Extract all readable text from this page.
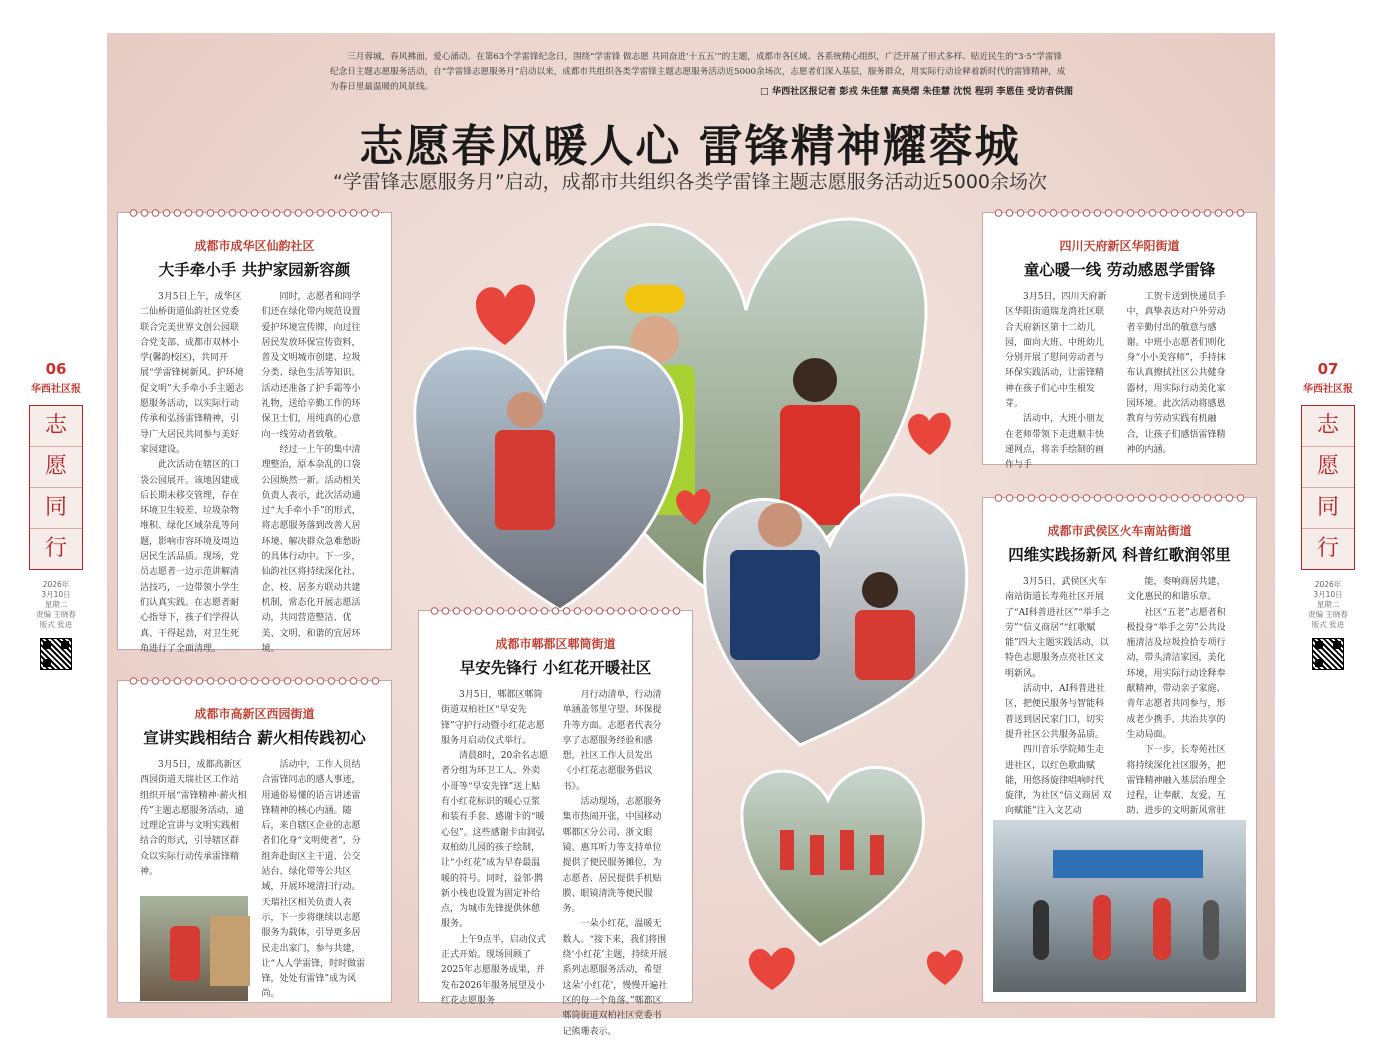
06
华西社区报
志
愿
同
行
2026年
3月10日
星期二
责编 王晓春
版式 张进
07
华西社区报
志
愿
同
行
2026年
3月10日
星期二
责编 王晓春
版式 张进
三月蓉城，春风拂面，爱心涌动。在第63个学雷锋纪念日，围绕“学雷锋 做志愿 共同奋进‘十五五’”的主题，成都市各区域、各系统精心组织，广泛开展了形式多样、贴近民生的“3·5”学雷锋纪念日主题志愿服务活动，自“学雷锋志愿服务月”启动以来，成都市共组织各类学雷锋主题志愿服务活动近5000余场次，志愿者们深入基层，服务群众，用实际行动诠释着新时代的雷锋精神，成为春日里最温暖的风景线。	□ 华西社区报记者 彭戎 朱佳慧 高昊熠 朱佳慧 沈悦 程玥 李恩佳 受访者供图
志愿春风暖人心 雷锋精神耀蓉城
“学雷锋志愿服务月”启动，成都市共组织各类学雷锋主题志愿服务活动近5000余场次
成都市成华区仙韵社区
大手牵小手 共护家园新容颜

3月5日上午，成华区二仙桥街道仙韵社区党委联合完美世界文创公园联合党支部、成都市双林小学(馨韵校区)，共同开展“学雷锋树新风、护环境促文明”大手牵小手主题志愿服务活动，以实际行动传承和弘扬雷锋精神，引导广大居民共同参与美好家园建设。

此次活动在辖区的口袋公园展开。该地因建成后长期未移交管理，存在环境卫生较差、垃圾杂物堆积、绿化区域杂乱等问题，影响市容环境及周边居民生活品质。现场，党员志愿者一边示范讲解清洁技巧，一边带领小学生们认真实践。在志愿者耐心指导下，孩子们学得认真、干得起劲，对卫生死角进行了全面清理。

同时，志愿者和同学们还在绿化带内规范设置爱护环境宣传牌，向过往居民发放环保宣传资料，普及文明城市创建、垃圾分类、绿色生活等知识。活动还准备了护手霜等小礼物，送给辛勤工作的环保卫士们，用纯真的心意向一线劳动者致敬。

经过一上午的集中清理整治，原本杂乱的口袋公园焕然一新。活动相关负责人表示，此次活动通过“大手牵小手”的形式，将志愿服务落到改善人居环境、解决群众急难愁盼的具体行动中。下一步，仙韵社区将持续深化社、企、校、居多方联动共建机制，常态化开展志愿活动，共同营造整洁、优美、文明、和谐的宜居环境。

成都市高新区西园街道
宣讲实践相结合 薪火相传践初心

3月5日，成都高新区西园街道天瑞社区工作站组织开展“雷锋精神·薪火相传”主题志愿服务活动，通过理论宣讲与文明实践相结合的形式，引导辖区群众以实际行动传承雷锋精神。

活动中，工作人员结合雷锋同志的感人事迹，用通俗易懂的语言讲述雷锋精神的核心内涵。随后，来自辖区企业的志愿者们化身“文明使者”，分组奔赴街区主干道、公交站台、绿化带等公共区域，开展环境清扫行动。天瑞社区相关负责人表示，下一步将继续以志愿服务为载体，引导更多居民走出家门，参与共建，让“人人学雷锋，时时做雷锋，处处有雷锋”成为风尚。

成都市郫都区郫筒街道
早安先锋行 小红花开暖社区

3月5日，郫都区郫筒街道双柏社区“早安先锋”守护行动暨小红花志愿服务月启动仪式举行。

清晨8时，20余名志愿者分组为环卫工人、外卖小哥等“早安先锋”送上贴有小红花标识的暖心豆浆和装有手套、感谢卡的“暖心包”。这些感谢卡由润弘双柏幼儿园的孩子绘制，让“小红花”成为早春最温暖的符号。同时，益邻·鹊新小栈也设置为固定补给点，为城市先锋提供休憩服务。

上午9点半，启动仪式正式开始。现场回顾了2025年志愿服务成果，并发布2026年服务展望及小红花志愿服务

月行动清单，行动清单涵盖邻里守望、环保提升等方面。志愿者代表分享了志愿服务经验和感想，社区工作人员发出《小红花志愿服务倡议书》。

活动现场，志愿服务集市热闹开张，中国移动郫都区分公司、浙文眼镜、惠耳听力等支持单位提供了便民服务摊位，为志愿者、居民提供手机贴膜、眼镜清洗等便民服务。

一朵小红花，温暖无数人。“接下来，我们将围绕‘小红花’主题，持续开展系列志愿服务活动，希望这朵‘小红花’，慢慢开遍社区的每一个角落。”郫都区郫筒街道双柏社区党委书记熊珊表示。

四川天府新区华阳街道
童心暖一线 劳动感恩学雷锋

3月5日，四川天府新区华阳街道瑞龙湾社区联合天府新区第十二幼儿园，面向大班、中班幼儿分别开展了慰问劳动者与环保实践活动，让雷锋精神在孩子们心中生根发芽。

活动中，大班小朋友在老师带领下走进顺丰快递网点，将亲手绘制的画作与手

工贺卡送到快递员手中，真挚表达对户外劳动者辛勤付出的敬意与感谢。中班小志愿者们则化身“小小美容师”，手持抹布认真擦拭社区公共健身器材，用实际行动美化家园环境。此次活动将感恩教育与劳动实践有机融合，让孩子们感悟雷锋精神的内涵。

成都市武侯区火车南站街道
四维实践扬新风 科普红歌润邻里

3月5日，武侯区火车南站街道长寿苑社区开展了“AI科普进社区”“举手之劳”“信义商居”“红歌赋能”四大主题实践活动，以特色志愿服务点亮社区文明新风。

活动中，AI科普进社区，把便民服务与智能科普送到居民家门口，切实提升社区公共服务品质。

四川音乐学院师生走进社区，以红色歌曲赋能，用悠扬旋律唱响时代旋律，为社区“信义商居 双向赋能”注入文艺动

能，奏响商居共建、文化惠民的和谐乐章。

社区“五老”志愿者积极投身“举手之劳”公共设施清洁及垃圾捡拾专项行动，带头清洁家园，美化环境，用实际行动诠释奉献精神，带动亲子家庭、青年志愿者共同参与，形成老少携手、共治共享的生动局面。

下一步，长寿苑社区将持续深化社区服务，把雷锋精神融入基层治理全过程，让奉献、友爱、互助、进步的文明新风常驻
